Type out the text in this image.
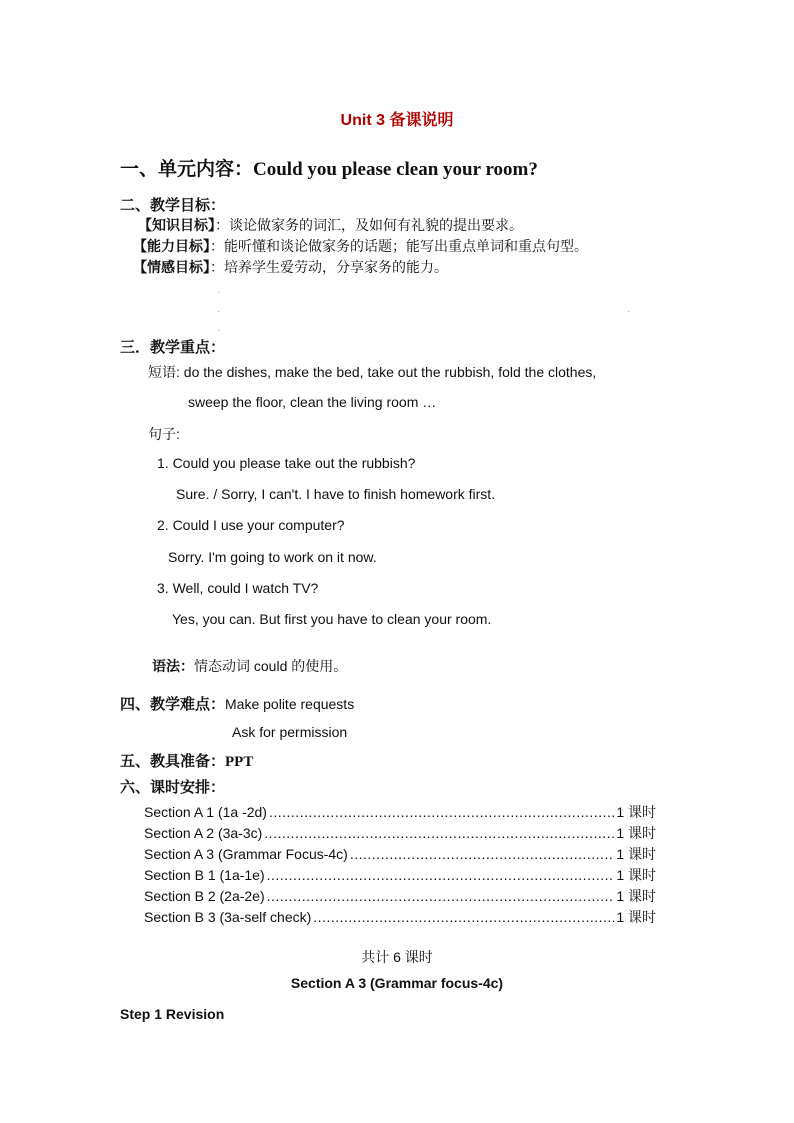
Unit 3 备课说明
一、单元内容：Could you please clean your room?
二、教学目标：
【知识目标】：谈论做家务的词汇，及如何有礼貌的提出要求。
【能力目标】：能听懂和谈论做家务的话题；能写出重点单词和重点句型。
【情感目标】：培养学生爱劳动，分享家务的能力。
·
·	·
·
三．教学重点：
短语: do the dishes, make the bed, take out the rubbish, fold the clothes,
sweep the floor, clean the living room …
句子:
1. Could you please take out the rubbish?
Sure. / Sorry, I can't. I have to finish homework first.
2. Could I use your computer?
Sorry. I'm going to work on it now.
3. Well, could I watch TV?
Yes, you can. But first you have to clean your room.
语法：情态动词 could 的使用。
四、教学难点：Make polite requests
Ask for permission
五、教具准备：PPT
六、课时安排：
Section A 1 (1a -2d) .....	1 课时
Section A 2 (3a-3c) .....	1 课时
Section A 3 (Grammar Focus-4c) .....	1 课时
Section B 1 (1a-1e) .....	1 课时
Section B 2 (2a-2e) .....	1 课时
Section B 3 (3a-self check) .....	1 课时
共计 6 课时
Section A 3 (Grammar focus-4c)
Step 1 Revision
